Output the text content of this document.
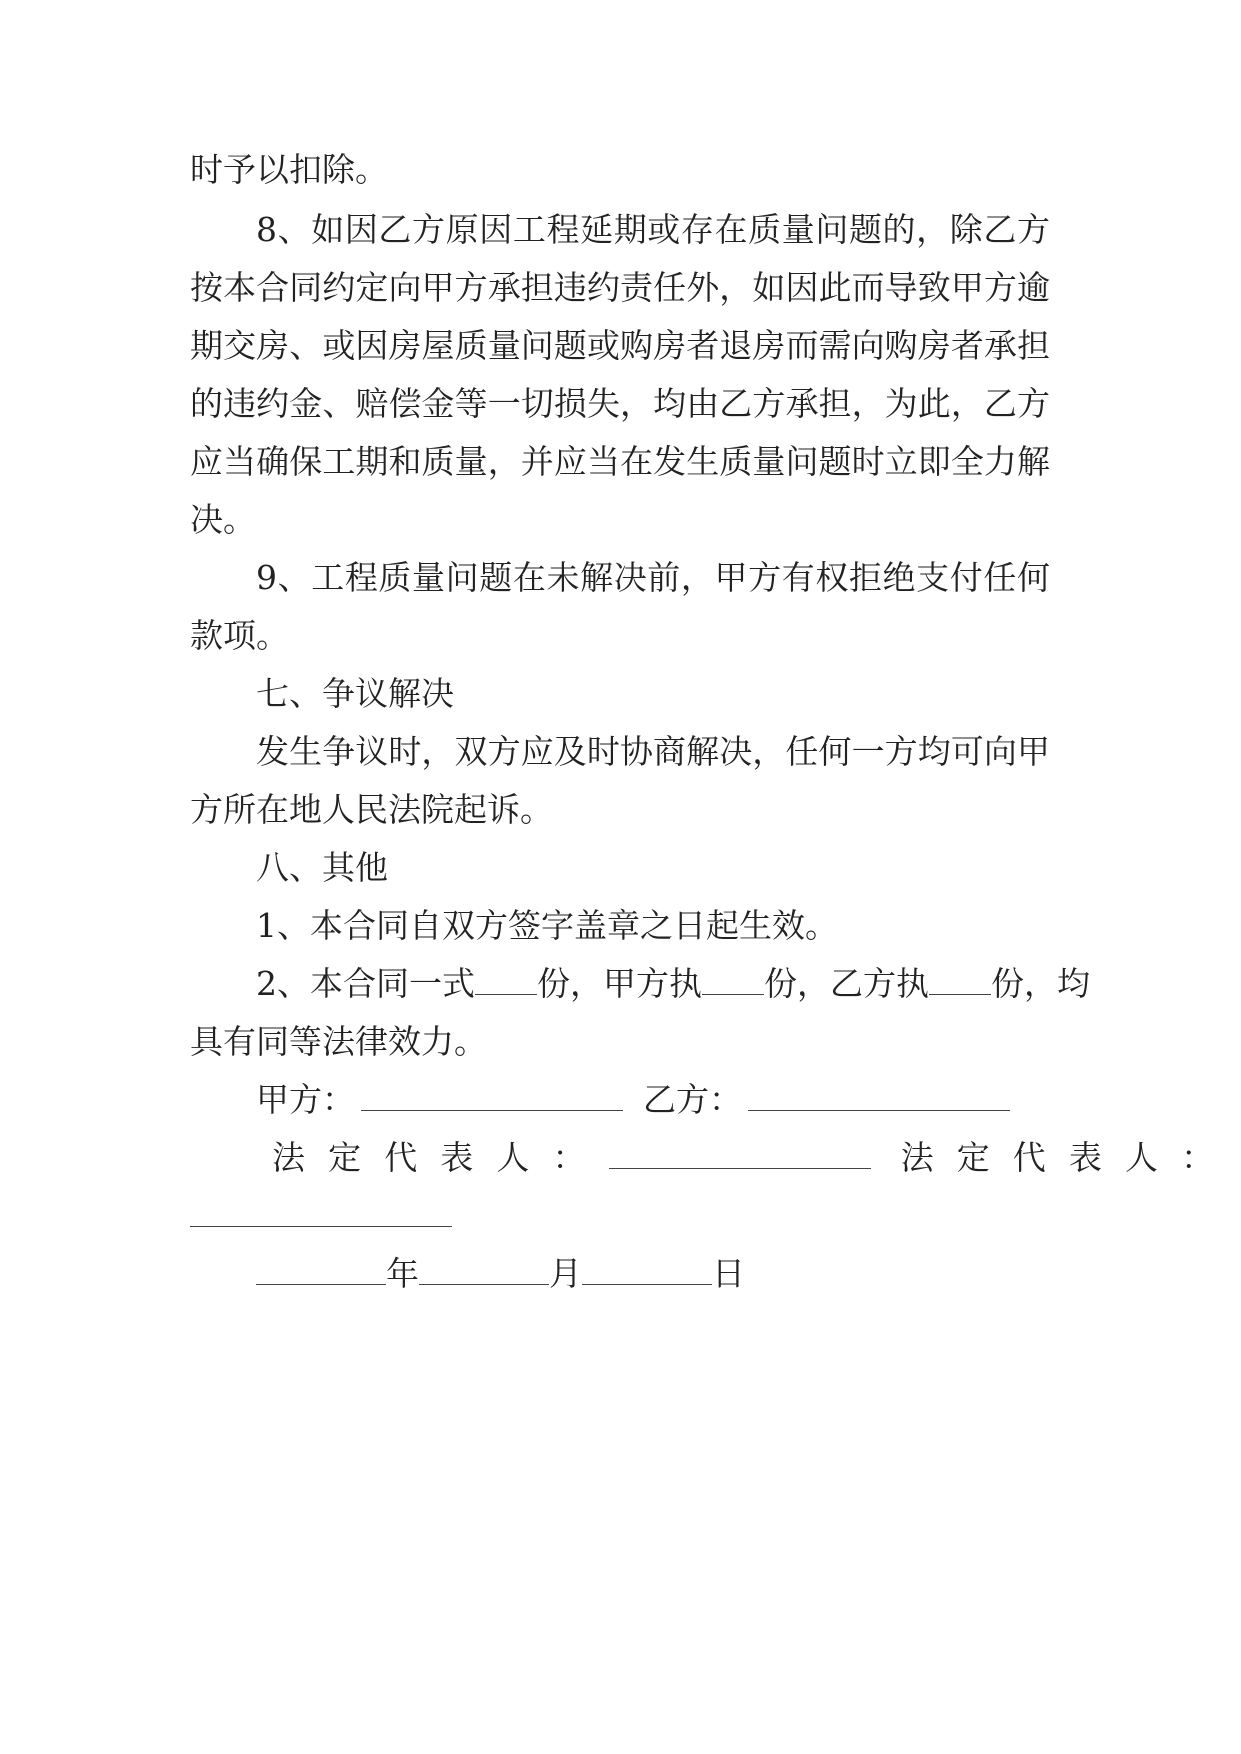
时予以扣除。
8、如因乙方原因工程延期或存在质量问题的，除乙方
按本合同约定向甲方承担违约责任外，如因此而导致甲方逾
期交房、或因房屋质量问题或购房者退房而需向购房者承担
的违约金、赔偿金等一切损失，均由乙方承担，为此，乙方
应当确保工期和质量，并应当在发生质量问题时立即全力解
决。
9、工程质量问题在未解决前，甲方有权拒绝支付任何
款项。
七、争议解决
发生争议时，双方应及时协商解决，任何一方均可向甲
方所在地人民法院起诉。
八、其他
1、本合同自双方签字盖章之日起生效。
2、本合同一式 份，甲方执 份，乙方执 份，均
具有同等法律效力。
甲方：	乙方：
法定代表人：	法定代表人：
年	月	日
